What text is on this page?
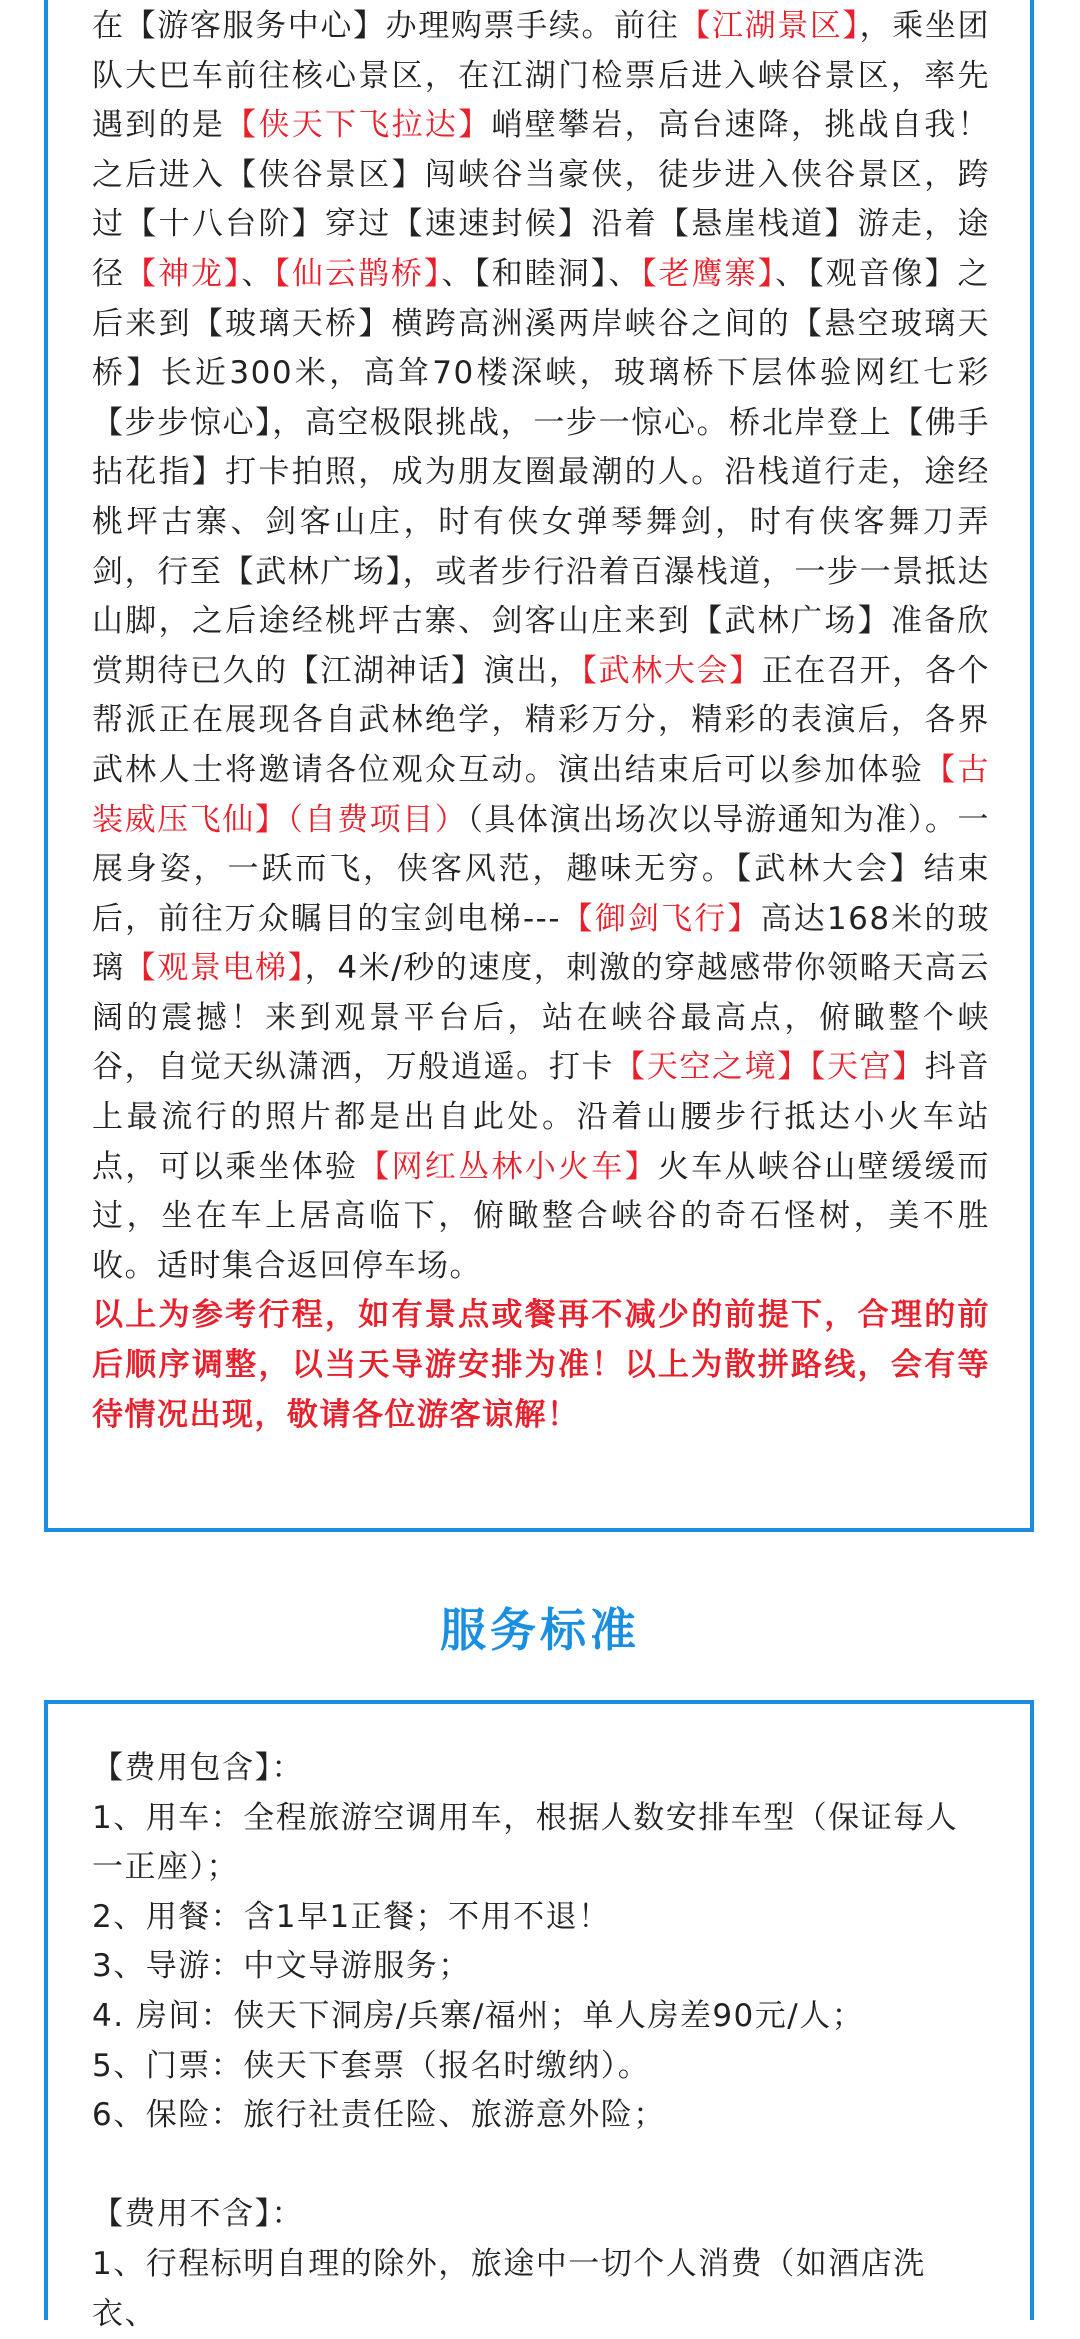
在【游客服务中心】办理购票手续。前往【江湖景区】，乘坐团队大巴车前往核心景区，在江湖门检票后进入峡谷景区，率先遇到的是【侠天下飞拉达】峭壁攀岩，高台速降，挑战自我！之后进入【侠谷景区】闯峡谷当豪侠，徒步进入侠谷景区，跨过【十八台阶】穿过【速速封候】沿着【悬崖栈道】游走，途径【神龙】、【仙云鹊桥】、【和睦洞】、【老鹰寨】、【观音像】之后来到【玻璃天桥】横跨高洲溪两岸峡谷之间的【悬空玻璃天桥】长近300米，高耸70楼深峡，玻璃桥下层体验网红七彩【步步惊心】，高空极限挑战，一步一惊心。桥北岸登上【佛手拈花指】打卡拍照，成为朋友圈最潮的人。沿栈道行走，途经桃坪古寨、剑客山庄，时有侠女弹琴舞剑，时有侠客舞刀弄剑，行至【武林广场】，或者步行沿着百瀑栈道，一步一景抵达山脚，之后途经桃坪古寨、剑客山庄来到【武林广场】准备欣赏期待已久的【江湖神话】演出，【武林大会】正在召开，各个帮派正在展现各自武林绝学，精彩万分，精彩的表演后，各界武林人士将邀请各位观众互动。演出结束后可以参加体验【古装威压飞仙】（自费项目）（具体演出场次以导游通知为准）。一展身姿，一跃而飞，侠客风范，趣味无穷。【武林大会】结束后，前往万众瞩目的宝剑电梯---【御剑飞行】高达168米的玻璃【观景电梯】，4米/秒的速度，刺激的穿越感带你领略天高云阔的震撼！来到观景平台后，站在峡谷最高点，俯瞰整个峡谷，自觉天纵潇洒，万般逍遥。打卡【天空之境】【天宫】抖音上最流行的照片都是出自此处。沿着山腰步行抵达小火车站点，可以乘坐体验【网红丛林小火车】火车从峡谷山壁缓缓而过，坐在车上居高临下，俯瞰整合峡谷的奇石怪树，美不胜收。适时集合返回停车场。

以上为参考行程，如有景点或餐再不减少的前提下，合理的前后顺序调整，以当天导游安排为准！以上为散拼路线，会有等待情况出现，敬请各位游客谅解！

服务标准
【费用包含】：
1、用车：全程旅游空调用车，根据人数安排车型（保证每人一正座）；
2、用餐：含1早1正餐；不用不退！
3、导游：中文导游服务；
4. 房间：侠天下洞房/兵寨/福州；单人房差90元/人；
5、门票：侠天下套票（报名时缴纳）。
6、保险：旅行社责任险、旅游意外险；
【费用不含】：
1、行程标明自理的除外，旅途中一切个人消费（如酒店洗衣、
